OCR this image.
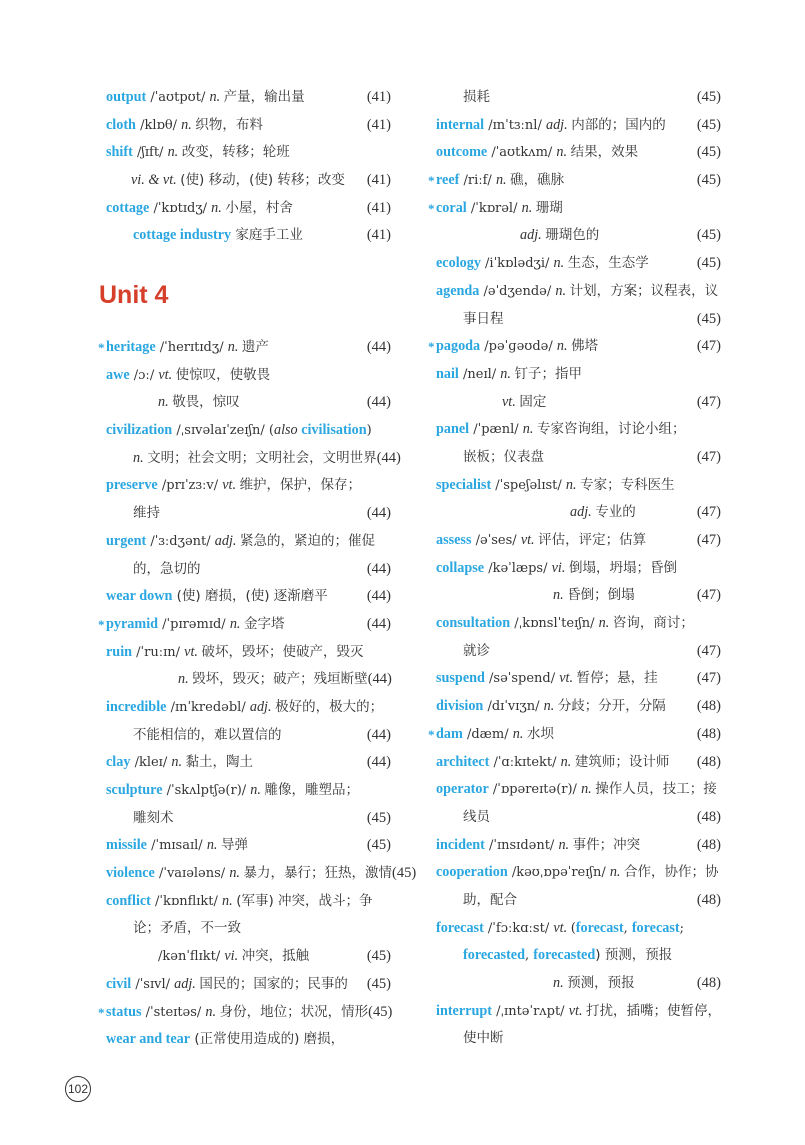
output /ˈaʊtpʊt/ n. 产量，输出量	(41)
cloth /klɒθ/ n. 织物，布料	(41)
shift /ʃɪft/ n. 改变，转移；轮班
vi. & vt. (使) 移动，(使) 转移；改变 (41)
cottage /ˈkɒtɪdʒ/ n. 小屋，村舍	(41)
cottage industry 家庭手工业	(41)
Unit 4
* heritage /ˈherɪtɪdʒ/ n. 遗产	(44)
awe /ɔː/ vt. 使惊叹，使敬畏
n. 敬畏，惊叹	(44)
civilization /ˌsɪvəlaɪˈzeɪʃn/ (also civilisation)
n. 文明；社会文明；文明社会，文明世界 (44)
preserve /prɪˈzɜːv/ vt. 维护，保护，保存；
维持	(44)
urgent /ˈɜːdʒənt/ adj. 紧急的，紧迫的；催促
的，急切的	(44)
wear down (使) 磨损，(使) 逐渐磨平	(44)
* pyramid /ˈpɪrəmɪd/ n. 金字塔	(44)
ruin /ˈruːɪn/ vt. 破坏，毁坏；使破产，毁灭
n. 毁坏，毁灭；破产；残垣断壁 (44)
incredible /ɪnˈkredəbl/ adj. 极好的，极大的；
不能相信的，难以置信的	(44)
clay /kleɪ/ n. 黏土，陶土	(44)
sculpture /ˈskʌlptʃə(r)/ n. 雕像，雕塑品；
雕刻术	(45)
missile /ˈmɪsaɪl/ n. 导弹	(45)
violence /ˈvaɪələns/ n. 暴力，暴行；狂热，激情 (45)
conflict /ˈkɒnflɪkt/ n. (军事) 冲突，战斗；争
论；矛盾，不一致
/kənˈflɪkt/ vi. 冲突，抵触	(45)
civil /ˈsɪvl/ adj. 国民的；国家的；民事的 (45)
* status /ˈsteɪtəs/ n. 身份，地位；状况，情形 (45)
wear and tear (正常使用造成的) 磨损，
损耗	(45)
internal /ɪnˈtɜːnl/ adj. 内部的；国内的 (45)
outcome /ˈaʊtkʌm/ n. 结果，效果	(45)
* reef /riːf/ n. 礁，礁脉	(45)
* coral /ˈkɒrəl/ n. 珊瑚
adj. 珊瑚色的	(45)
ecology /iˈkɒlədʒi/ n. 生态，生态学	(45)
agenda /əˈdʒendə/ n. 计划，方案；议程表，议
事日程	(45)
* pagoda /pəˈɡəʊdə/ n. 佛塔	(47)
nail /neɪl/ n. 钉子；指甲
vt. 固定	(47)
panel /ˈpænl/ n. 专家咨询组，讨论小组；
嵌板；仪表盘	(47)
specialist /ˈspeʃəlɪst/ n. 专家；专科医生
adj. 专业的	(47)
assess /əˈses/ vt. 评估，评定；估算	(47)
collapse /kəˈlæps/ vi. 倒塌，坍塌；昏倒
n. 昏倒；倒塌	(47)
consultation /ˌkɒnslˈteɪʃn/ n. 咨询，商讨；
就诊	(47)
suspend /səˈspend/ vt. 暂停；悬，挂	(47)
division /dɪˈvɪʒn/ n. 分歧；分开，分隔 (48)
* dam /dæm/ n. 水坝	(48)
architect /ˈɑːkɪtekt/ n. 建筑师；设计师 (48)
operator /ˈɒpəreɪtə(r)/ n. 操作人员，技工；接
线员	(48)
incident /ˈɪnsɪdənt/ n. 事件；冲突	(48)
cooperation /kəʊˌɒpəˈreɪʃn/ n. 合作，协作；协
助，配合	(48)
forecast /ˈfɔːkɑːst/ vt. (forecast, forecast;
forecasted, forecasted) 预测，预报
n. 预测，预报	(48)
interrupt /ˌɪntəˈrʌpt/ vt. 打扰，插嘴；使暂停，
使中断
102
